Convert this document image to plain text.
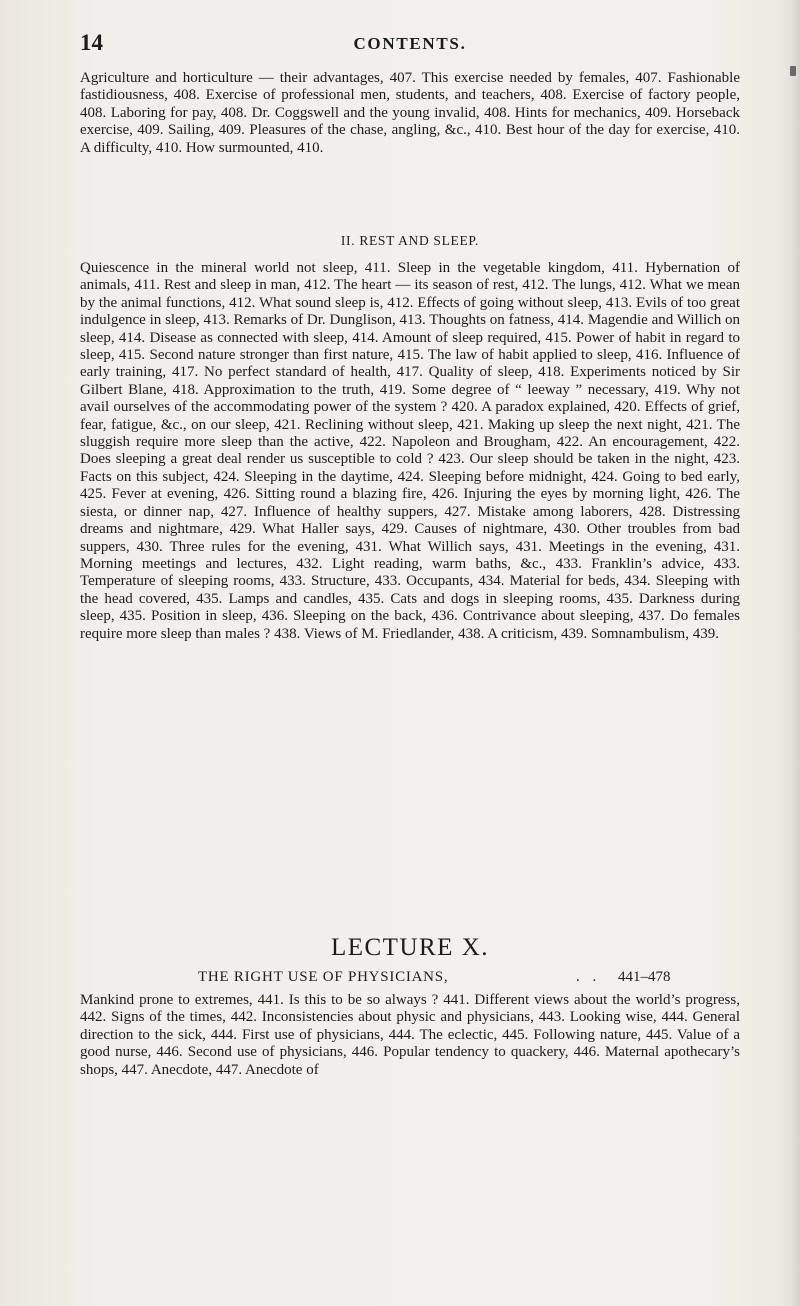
14	CONTENTS.

Agriculture and horticulture — their advantages, 407. This exercise needed by females, 407. Fashionable fastidiousness, 408. Exercise of professional men, students, and teachers, 408. Exercise of factory people, 408. Laboring for pay, 408. Dr. Coggswell and the young invalid, 408. Hints for mechanics, 409. Horseback exercise, 409. Sailing, 409. Pleasures of the chase, angling, &c., 410. Best hour of the day for exercise, 410. A difficulty, 410. How surmounted, 410.

II. REST AND SLEEP.

Quiescence in the mineral world not sleep, 411. Sleep in the vegetable kingdom, 411. Hybernation of animals, 411. Rest and sleep in man, 412. The heart — its season of rest, 412. The lungs, 412. What we mean by the animal functions, 412. What sound sleep is, 412. Effects of going without sleep, 413. Evils of too great indulgence in sleep, 413. Remarks of Dr. Dunglison, 413. Thoughts on fatness, 414. Magendie and Willich on sleep, 414. Disease as connected with sleep, 414. Amount of sleep required, 415. Power of habit in regard to sleep, 415. Second nature stronger than first nature, 415. The law of habit applied to sleep, 416. Influence of early training, 417. No perfect standard of health, 417. Quality of sleep, 418. Experiments noticed by Sir Gilbert Blane, 418. Approximation to the truth, 419. Some degree of “ leeway ” necessary, 419. Why not avail ourselves of the accommodating power of the system ? 420. A paradox explained, 420. Effects of grief, fear, fatigue, &c., on our sleep, 421. Reclining without sleep, 421. Making up sleep the next night, 421. The sluggish require more sleep than the active, 422. Napoleon and Brougham, 422. An encouragement, 422. Does sleeping a great deal render us susceptible to cold ? 423. Our sleep should be taken in the night, 423. Facts on this subject, 424. Sleeping in the daytime, 424. Sleeping before midnight, 424. Going to bed early, 425. Fever at evening, 426. Sitting round a blazing fire, 426. Injuring the eyes by morning light, 426. The siesta, or dinner nap, 427. Influence of healthy suppers, 427. Mistake among laborers, 428. Distressing dreams and nightmare, 429. What Haller says, 429. Causes of nightmare, 430. Other troubles from bad suppers, 430. Three rules for the evening, 431. What Willich says, 431. Meetings in the evening, 431. Morning meetings and lectures, 432. Light reading, warm baths, &c., 433. Franklin’s advice, 433. Temperature of sleeping rooms, 433. Structure, 433. Occupants, 434. Material for beds, 434. Sleeping with the head covered, 435. Lamps and candles, 435. Cats and dogs in sleeping rooms, 435. Darkness during sleep, 435. Position in sleep, 436. Sleeping on the back, 436. Contrivance about sleeping, 437. Do females require more sleep than males ? 438. Views of M. Friedlander, 438. A criticism, 439. Somnambulism, 439.

LECTURE X.
THE RIGHT USE OF PHYSICIANS,	. . 441–478

Mankind prone to extremes, 441. Is this to be so always ? 441. Different views about the world’s progress, 442. Signs of the times, 442. Inconsistencies about physic and physicians, 443. Looking wise, 444. General direction to the sick, 444. First use of physicians, 444. The eclectic, 445. Following nature, 445. Value of a good nurse, 446. Second use of physicians, 446. Popular tendency to quackery, 446. Maternal apothecary’s shops, 447. Anecdote, 447. Anecdote of
